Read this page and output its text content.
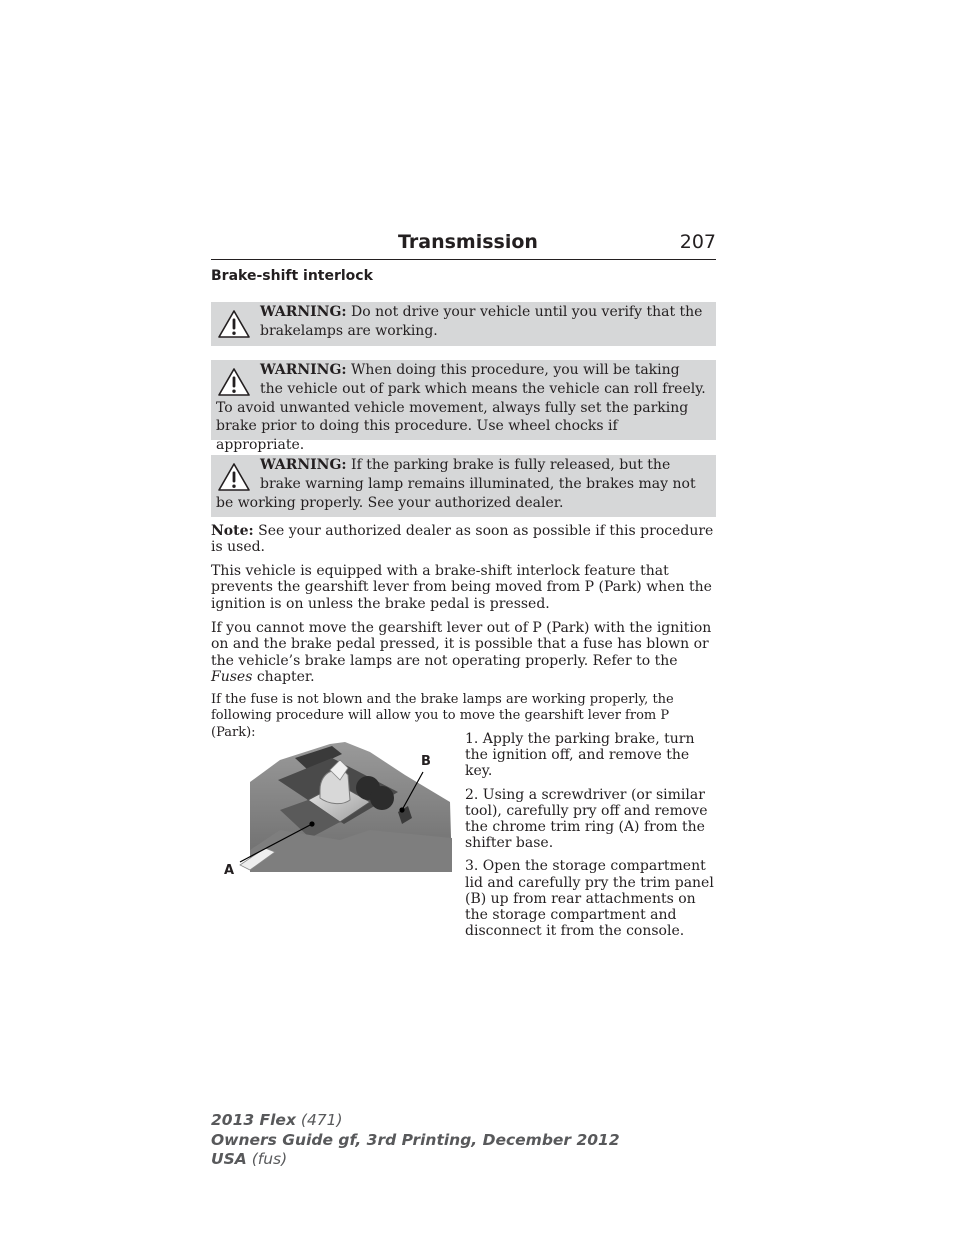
Transmission	207
Brake-shift interlock
WARNING: Do not drive your vehicle until you verify that the brakelamps are working.
WARNING: When doing this procedure, you will be taking the vehicle out of park which means the vehicle can roll freely. To avoid unwanted vehicle movement, always fully set the parking brake prior to doing this procedure. Use wheel chocks if appropriate.
WARNING: If the parking brake is fully released, but the brake warning lamp remains illuminated, the brakes may not be working properly. See your authorized dealer.
Note: See your authorized dealer as soon as possible if this procedure is used.
This vehicle is equipped with a brake-shift interlock feature that prevents the gearshift lever from being moved from P (Park) when the ignition is on unless the brake pedal is pressed.
If you cannot move the gearshift lever out of P (Park) with the ignition on and the brake pedal pressed, it is possible that a fuse has blown or the vehicle’s brake lamps are not operating properly. Refer to the Fuses chapter.
If the fuse is not blown and the brake lamps are working properly, the following procedure will allow you to move the gearshift lever from P (Park):
A
B

1. Apply the parking brake, turn the ignition off, and remove the key.

2. Using a screwdriver (or similar tool), carefully pry off and remove the chrome trim ring (A) from the shifter base.

3. Open the storage compartment lid and carefully pry the trim panel (B) up from rear attachments on the storage compartment and disconnect it from the console.

2013 Flex (471)
Owners Guide gf, 3rd Printing, December 2012
USA (fus)
